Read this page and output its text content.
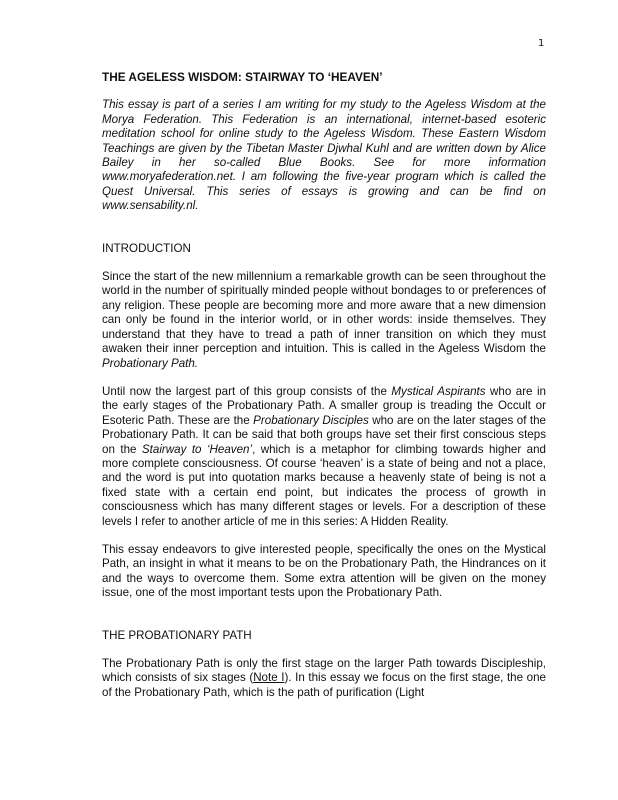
1
THE AGELESS WISDOM: STAIRWAY TO ‘HEAVEN’

This essay is part of a series I am writing for my study to the Ageless Wisdom at the Morya Federation. This Federation is an international, internet-based esoteric meditation school for online study to the Ageless Wisdom. These Eastern Wisdom Teachings are given by the Tibetan Master Djwhal Kuhl and are written down by Alice Bailey in her so-called Blue Books. See for more information www.moryafederation.net. I am following the five-year program which is called the Quest Universal. This series of essays is growing and can be find on www.sensability.nl.

INTRODUCTION

Since the start of the new millennium a remarkable growth can be seen throughout the world in the number of spiritually minded people without bondages to or preferences of any religion. These people are becoming more and more aware that a new dimension can only be found in the interior world, or in other words: inside themselves. They understand that they have to tread a path of inner transition on which they must awaken their inner perception and intuition. This is called in the Ageless Wisdom the Probationary Path.

Until now the largest part of this group consists of the Mystical Aspirants who are in the early stages of the Probationary Path. A smaller group is treading the Occult or Esoteric Path. These are the Probationary Disciples who are on the later stages of the Probationary Path. It can be said that both groups have set their first conscious steps on the Stairway to ‘Heaven’, which is a metaphor for climbing towards higher and more complete consciousness. Of course ‘heaven’ is a state of being and not a place, and the word is put into quotation marks because a heavenly state of being is not a fixed state with a certain end point, but indicates the process of growth in consciousness which has many different stages or levels. For a description of these levels I refer to another article of me in this series: A Hidden Reality.

This essay endeavors to give interested people, specifically the ones on the Mystical Path, an insight in what it means to be on the Probationary Path, the Hindrances on it and the ways to overcome them. Some extra attention will be given on the money issue, one of the most important tests upon the Probationary Path.

THE PROBATIONARY PATH

The Probationary Path is only the first stage on the larger Path towards Discipleship, which consists of six stages (Note I). In this essay we focus on the first stage, the one of the Probationary Path, which is the path of purification (Light
